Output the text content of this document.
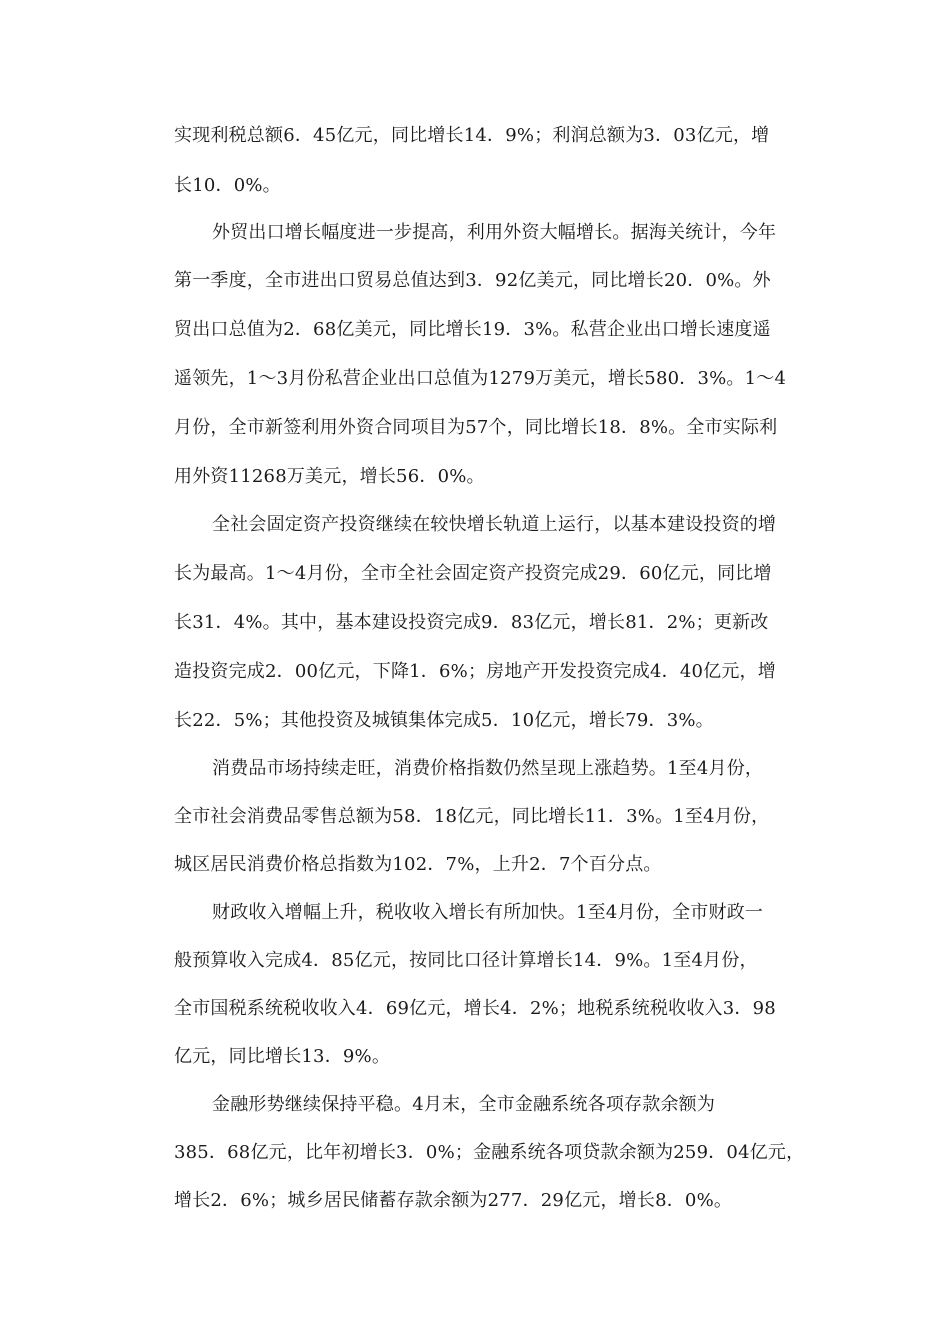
实现利税总额6．45亿元，同比增长14．9%；利润总额为3．03亿元，增
长10．0%。
外贸出口增长幅度进一步提高，利用外资大幅增长。据海关统计，今年
第一季度，全市进出口贸易总值达到3．92亿美元，同比增长20．0%。外
贸出口总值为2．68亿美元，同比增长19．3%。私营企业出口增长速度遥
遥领先，1～3月份私营企业出口总值为1279万美元，增长580．3%。1～4
月份，全市新签利用外资合同项目为57个，同比增长18．8%。全市实际利
用外资11268万美元，增长56．0%。
全社会固定资产投资继续在较快增长轨道上运行，以基本建设投资的增
长为最高。1～4月份，全市全社会固定资产投资完成29．60亿元，同比增
长31．4%。其中，基本建设投资完成9．83亿元，增长81．2%；更新改
造投资完成2．00亿元，下降1．6%；房地产开发投资完成4．40亿元，增
长22．5%；其他投资及城镇集体完成5．10亿元，增长79．3%。
消费品市场持续走旺，消费价格指数仍然呈现上涨趋势。1至4月份，
全市社会消费品零售总额为58．18亿元，同比增长11．3%。1至4月份，
城区居民消费价格总指数为102．7%，上升2．7个百分点。
财政收入增幅上升，税收收入增长有所加快。1至4月份，全市财政一
般预算收入完成4．85亿元，按同比口径计算增长14．9%。1至4月份，
全市国税系统税收收入4．69亿元，增长4．2%；地税系统税收收入3．98
亿元，同比增长13．9%。
金融形势继续保持平稳。4月末，全市金融系统各项存款余额为
385．68亿元，比年初增长3．0%；金融系统各项贷款余额为259．04亿元，
增长2．6%；城乡居民储蓄存款余额为277．29亿元，增长8．0%。
